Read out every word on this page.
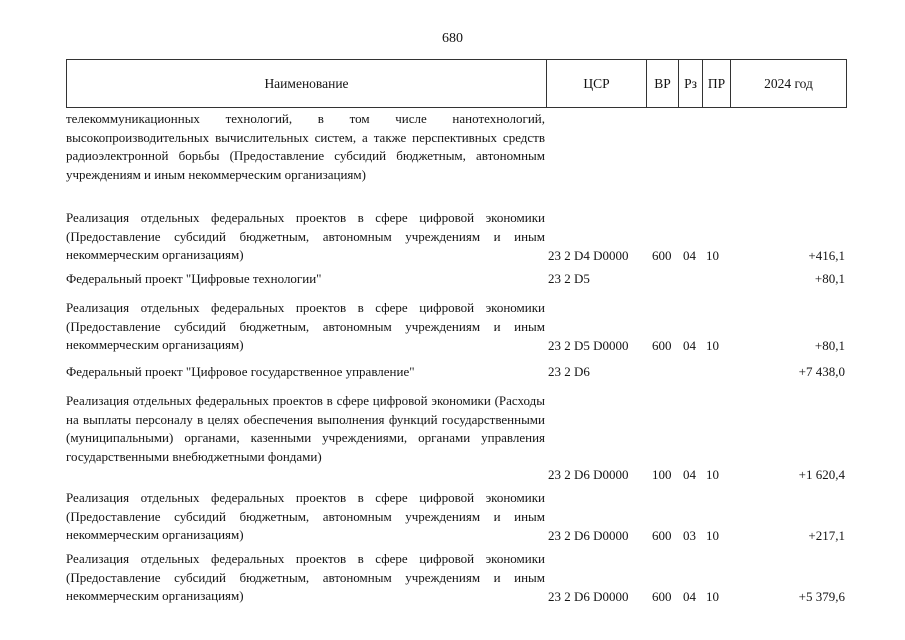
680
Наименование	ЦСР	ВР Рз ПР	2024 год
телекоммуникационных технологий, в том числе нанотехнологий, высокопроизводительных вычислительных систем, а также перспективных средств радиоэлектронной борьбы (Предоставление субсидий бюджетным, автономным учреждениям и иным некоммерческим организациям)
Реализация отдельных федеральных проектов в сфере цифровой экономики (Предоставление субсидий бюджетным, автономным учреждениям и иным некоммерческим организациям)	23 2 D4 D0000 600 04 10	+416,1
Федеральный проект "Цифровые технологии"	23 2 D5	+80,1
Реализация отдельных федеральных проектов в сфере цифровой экономики (Предоставление субсидий бюджетным, автономным учреждениям и иным некоммерческим организациям)	23 2 D5 D0000 600 04 10	+80,1
Федеральный проект "Цифровое государственное управление"	23 2 D6	+7 438,0
Реализация отдельных федеральных проектов в сфере цифровой экономики (Расходы на выплаты персоналу в целях обеспечения выполнения функций государственными (муниципальными) органами, казенными учреждениями, органами управления государственными внебюджетными фондами)
23 2 D6 D0000 100 04 10	+1 620,4
Реализация отдельных федеральных проектов в сфере цифровой экономики (Предоставление субсидий бюджетным, автономным учреждениям и иным некоммерческим организациям)	23 2 D6 D0000 600 03 10	+217,1
Реализация отдельных федеральных проектов в сфере цифровой экономики (Предоставление субсидий бюджетным, автономным учреждениям и иным некоммерческим организациям)	23 2 D6 D0000 600 04 10	+5 379,6
